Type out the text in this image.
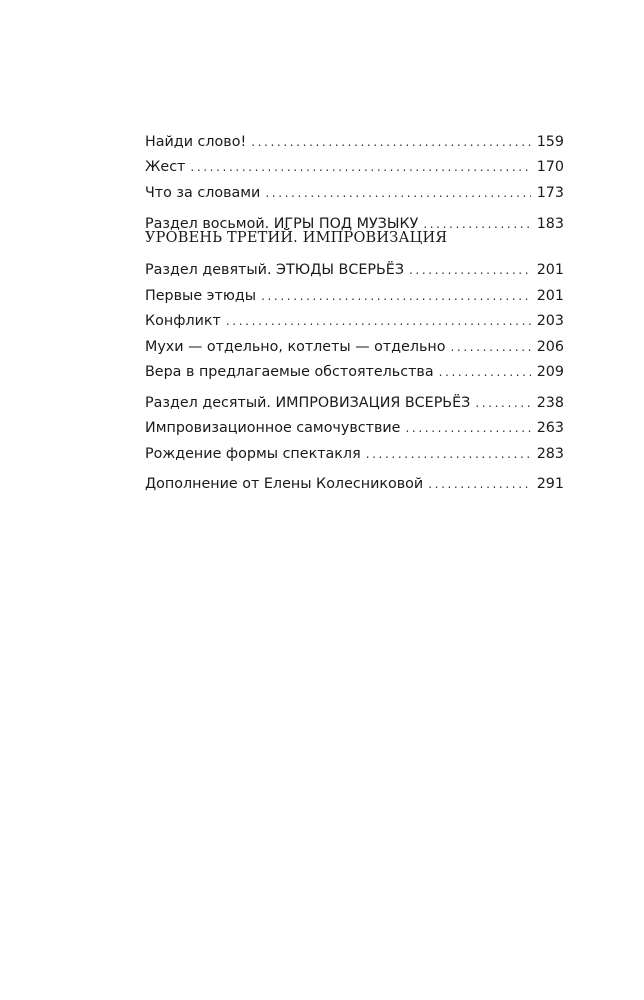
Найди слово! . . .	159
Жест . . .	170
Что за словами . . .	173
Раздел восьмой. ИГРЫ ПОД МУЗЫКУ . . .	183
УРОВЕНЬ ТРЕТИЙ. ИМПРОВИЗАЦИЯ
Раздел девятый. ЭТЮДЫ ВСЕРЬЁЗ . . .	201
Первые этюды . . .	201
Конфликт . . .	203
Мухи — отдельно, котлеты — отдельно . . .	206
Вера в предлагаемые обстоятельства . . .	209
Раздел десятый. ИМПРОВИЗАЦИЯ ВСЕРЬЁЗ . . .	238
Импровизационное самочувствие . . .	263
Рождение формы спектакля . . .	283
Дополнение от Елены Колесниковой . . .	291
